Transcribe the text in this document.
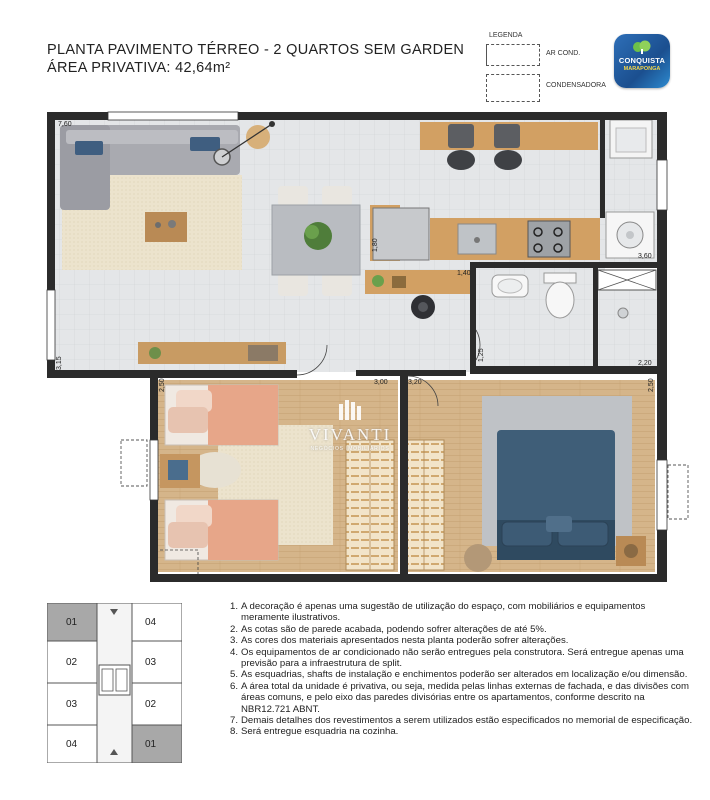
PLANTA PAVIMENTO TÉRREO - 2 QUARTOS SEM GARDEN
ÁREA PRIVATIVA: 42,64m²
LEGENDA
AR COND.
CONDENSADORA
CONQUISTA
MARAPONGA
VIVANTI
NEGÓCIOS IMOBILIÁRIOS
7,60
3,60
1,80
1,40
3,15
1,25
2,20
2,50	3,00	3,20	2,50
01	04
02	03
03	02
04	01
1. A decoração é apenas uma sugestão de utilização do espaço, com mobiliários e equipamentos meramente ilustrativos.
2. As cotas são de parede acabada, podendo sofrer alterações de até 5%.
3. As cores dos materiais apresentados nesta planta poderão sofrer alterações.
4. Os equipamentos de ar condicionado não serão entregues pela construtora. Será entregue apenas uma previsão para a infraestrutura de split.
5. As esquadrias, shafts de instalação e enchimentos poderão ser alterados em localização e/ou dimensão.
6. A área total da unidade é privativa, ou seja, medida pelas linhas externas de fachada, e das divisões com áreas comuns, e pelo eixo das paredes divisórias entre os apartamentos, conforme descrito na NBR12.721 ABNT.
7. Demais detalhes dos revestimentos a serem utilizados estão especificados no memorial de especificação.
8. Será entregue esquadria na cozinha.
